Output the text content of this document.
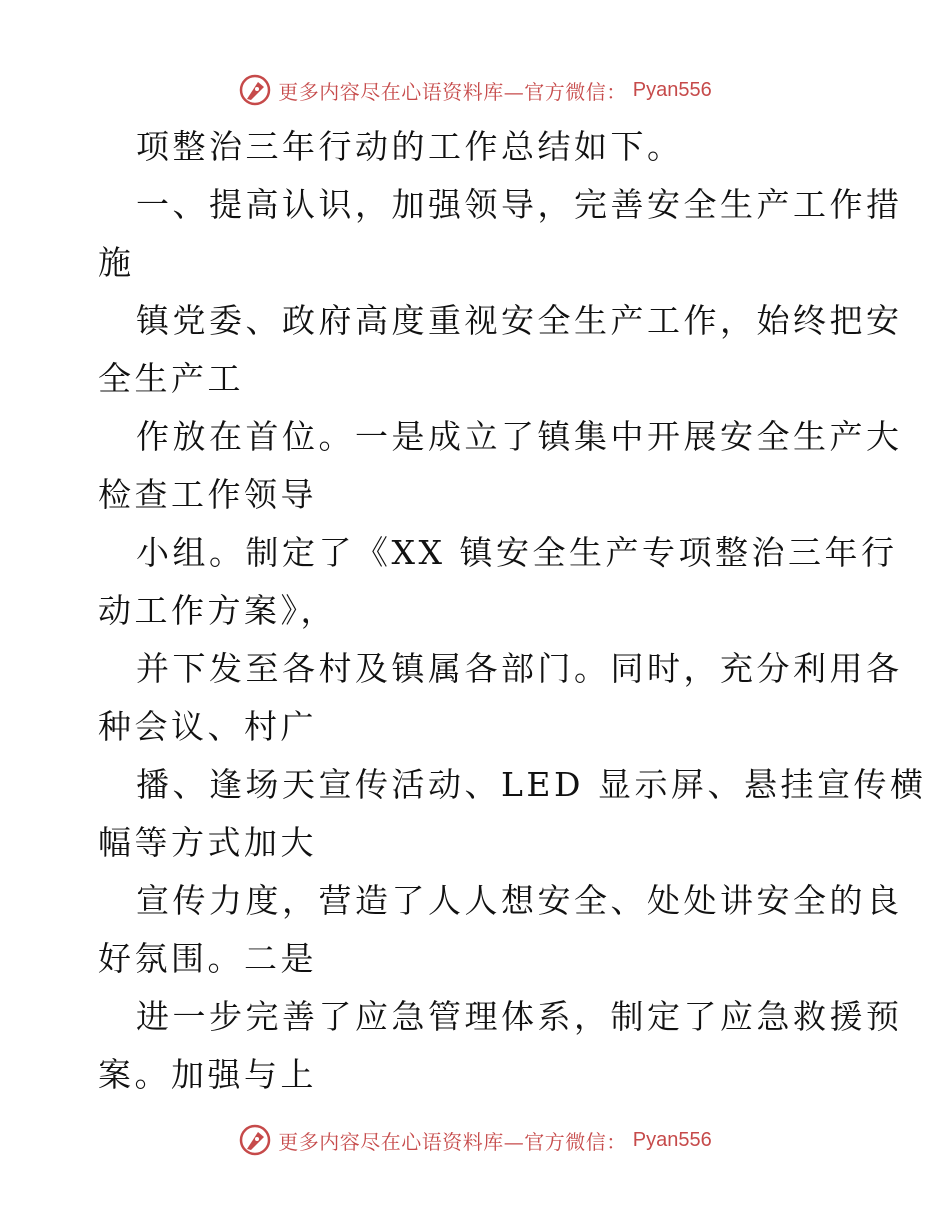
更多内容尽在心语资料库—官方微信： Pyan556
项整治三年行动的工作总结如下。
一、提高认识，加强领导，完善安全生产工作措
施
镇党委、政府高度重视安全生产工作，始终把安
全生产工
作放在首位。一是成立了镇集中开展安全生产大
检查工作领导
小组。制定了《XX 镇安全生产专项整治三年行
动工作方案》，
并下发至各村及镇属各部门。同时，充分利用各
种会议、村广
播、逢场天宣传活动、LED 显示屏、悬挂宣传横
幅等方式加大
宣传力度，营造了人人想安全、处处讲安全的良
好氛围。二是
进一步完善了应急管理体系，制定了应急救援预
案。加强与上
更多内容尽在心语资料库—官方微信： Pyan556
